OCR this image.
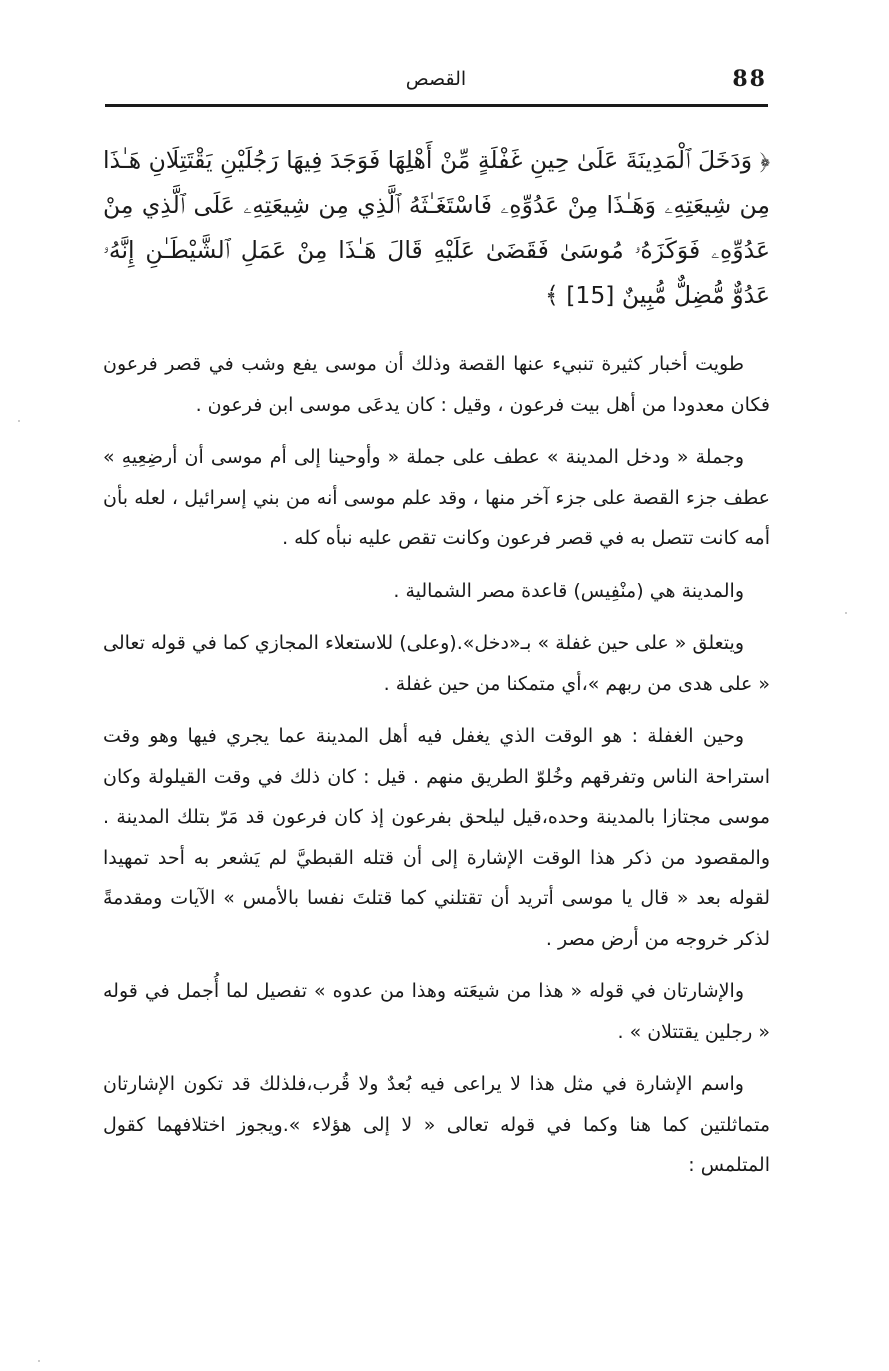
88
القصص

﴿ وَدَخَلَ ٱلْمَدِينَةَ عَلَىٰ حِينِ غَفْلَةٍ مِّنْ أَهْلِهَا فَوَجَدَ فِيهَا رَجُلَيْنِ يَقْتَتِلَانِ هَـٰذَا مِن شِيعَتِهِۦ وَهَـٰذَا مِنْ عَدُوِّهِۦ فَاسْتَغَـٰثَهُ ٱلَّذِي مِن شِيعَتِهِۦ عَلَى ٱلَّذِي مِنْ عَدُوِّهِۦ فَوَكَزَهُۥ مُوسَىٰ فَقَضَىٰ عَلَيْهِ قَالَ هَـٰذَا مِنْ عَمَلِ ٱلشَّيْطَـٰنِ إِنَّهُۥ عَدُوٌّ مُّضِلٌّ مُّبِينٌ [15] ﴾

طويت أخبار كثيرة تنبيء عنها القصة وذلك أن موسى يفع وشب في قصر فرعون فكان معدودا من أهل بيت فرعون ، وقيل : كان يدعَى موسى ابن فرعون .

وجملة « ودخل المدينة » عطف على جملة « وأوحينا إلى أم موسى أن أرضِعِيهِ » عطف جزء القصة على جزء آخر منها ، وقد علم موسى أنه من بني إسرائيل ، لعله بأن أمه كانت تتصل به في قصر فرعون وكانت تقص عليه نبأه كله .

والمدينة هي (منْفِيس) قاعدة مصر الشمالية .

ويتعلق « على حين غفلة » بـ«دخل».(وعلى) للاستعلاء المجازي كما في قوله تعالى « على هدى من ربهم »،أي متمكنا من حين غفلة .

وحين الغفلة : هو الوقت الذي يغفل فيه أهل المدينة عما يجري فيها وهو وقت استراحة الناس وتفرقهم وخُلوّ الطريق منهم . قيل : كان ذلك في وقت القيلولة وكان موسى مجتازا بالمدينة وحده،قيل ليلحق بفرعون إذ كان فرعون قد مَرّ بتلك المدينة . والمقصود من ذكر هذا الوقت الإشارة إلى أن قتله القبطيَّ لم يَشعر به أحد تمهيدا لقوله بعد « قال يا موسى أتريد أن تقتلني كما قتلتَ نفسا بالأمس » الآيات ومقدمةً لذكر خروجه من أرض مصر .

والإشارتان في قوله « هذا من شيعَته وهذا من عدوه » تفصيل لما أُجمل في قوله « رجلين يقتتلان » .

واسم الإشارة في مثل هذا لا يراعى فيه بُعدٌ ولا قُرب،فلذلك قد تكون الإشارتان متماثلتين كما هنا وكما في قوله تعالى « لا إلى هؤلاء ».ويجوز اختلافهما كقول المتلمس :
